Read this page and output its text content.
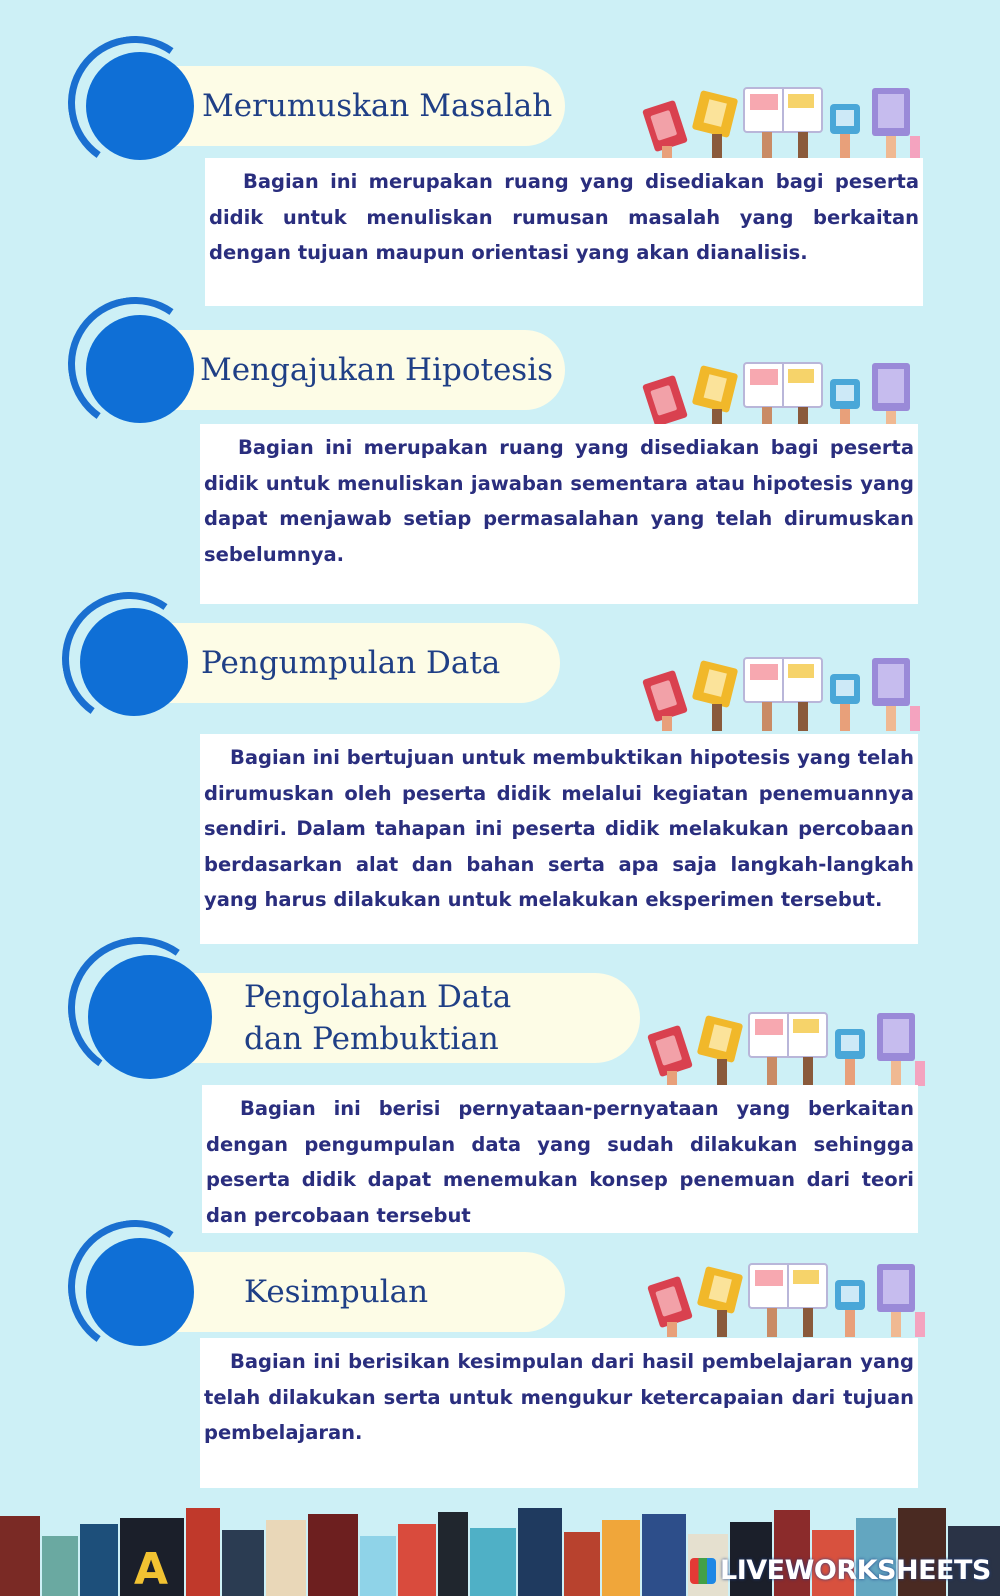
Merumuskan Masalah

Bagian ini merupakan ruang yang disediakan bagi peserta didik untuk menuliskan rumusan masalah yang berkaitan dengan tujuan maupun orientasi yang akan dianalisis.

Mengajukan Hipotesis

Bagian ini merupakan ruang yang disediakan bagi peserta didik untuk menuliskan jawaban sementara atau hipotesis yang dapat menjawab setiap permasalahan yang telah dirumuskan sebelumnya.

Pengumpulan Data

Bagian ini bertujuan untuk membuktikan hipotesis yang telah dirumuskan oleh peserta didik melalui kegiatan penemuannya sendiri. Dalam tahapan ini peserta didik melakukan percobaan berdasarkan alat dan bahan serta apa saja langkah-langkah yang harus dilakukan untuk melakukan eksperimen tersebut.

Pengolahan Data
dan Pembuktian

Bagian ini berisi pernyataan-pernyataan yang berkaitan dengan pengumpulan data yang sudah dilakukan sehingga peserta didik dapat menemukan konsep penemuan dari teori dan percobaan tersebut

Kesimpulan

Bagian ini berisikan kesimpulan dari hasil pembelajaran yang telah dilakukan serta untuk mengukur ketercapaian dari tujuan pembelajaran.

A	LIVEWORKSHEETS
